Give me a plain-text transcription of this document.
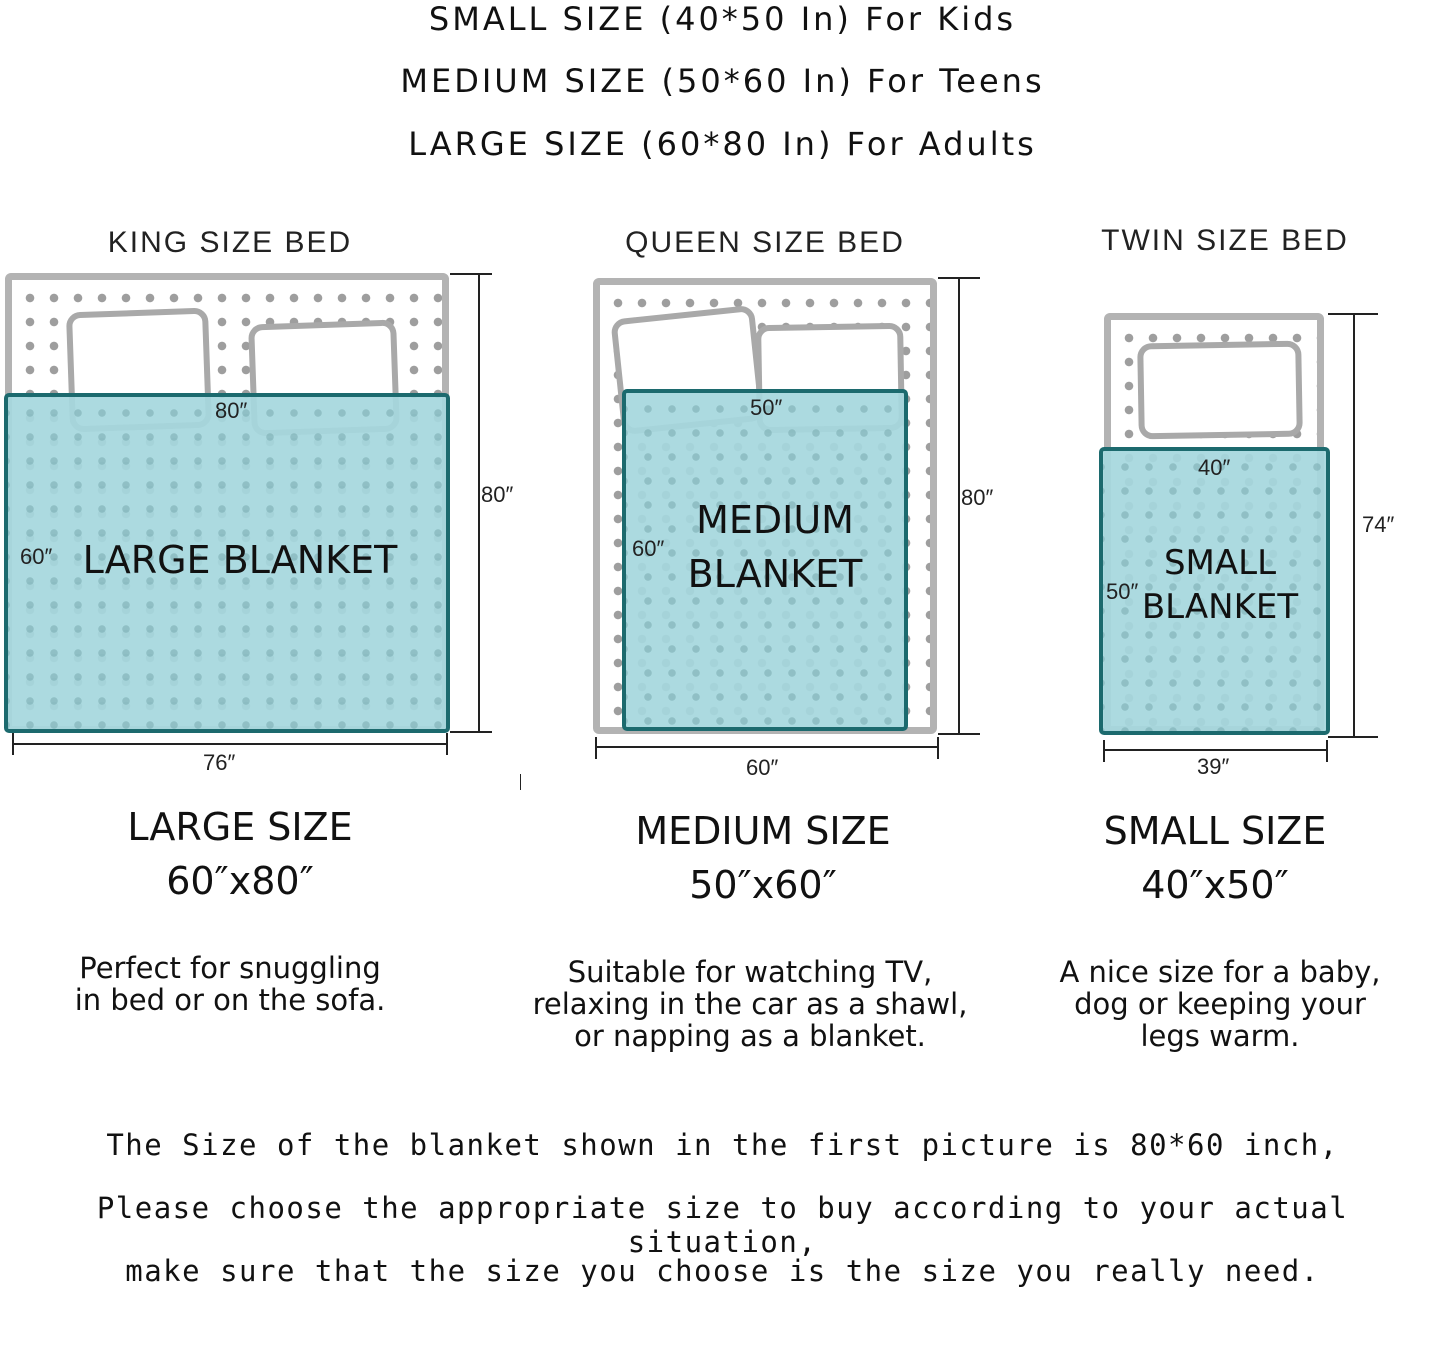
SMALL SIZE (40*50 In) For Kids
MEDIUM SIZE (50*60 In) For Teens
LARGE SIZE (60*80 In) For Adults
KING SIZE BED
80″
60″ LARGE BLANKET
80″
76″
LARGE SIZE
60″x80″
Perfect for snuggling
in bed or on the sofa.
QUEEN SIZE BED
50″
60″
MEDIUM
BLANKET
80″
60″
MEDIUM SIZE
50″x60″
Suitable for watching TV,
relaxing in the car as a shawl,
or napping as a blanket.
TWIN SIZE BED
40″
50″
SMALL
BLANKET
74″
39″
SMALL SIZE
40″x50″
A nice size for a baby,
dog or keeping your
legs warm.
The Size of the blanket shown in the first picture is 80*60 inch,
Please choose the appropriate size to buy according to your actual situation,
make sure that the size you choose is the size you really need.
